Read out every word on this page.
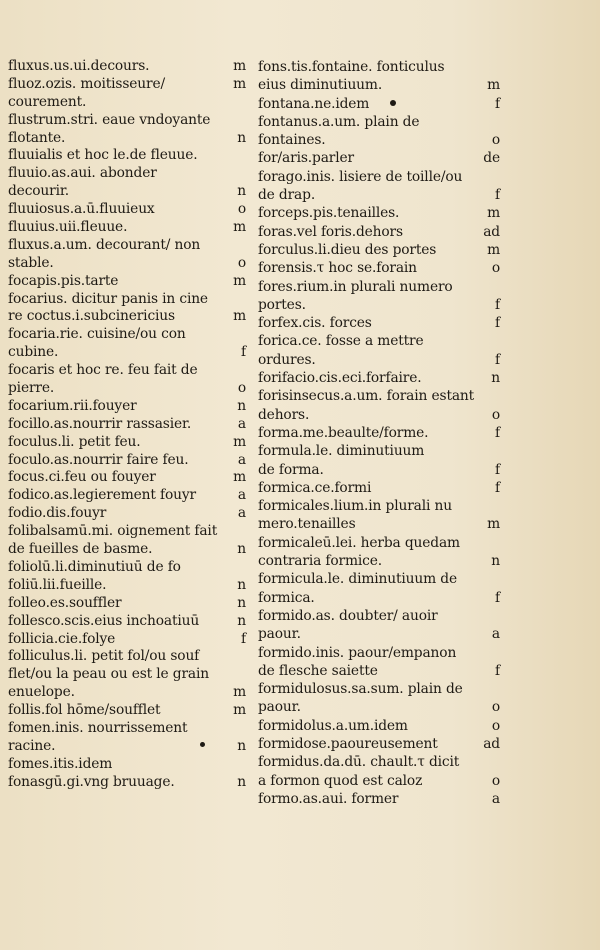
fluxus.us.ui.decours.	m
fluoz.ozis. moitisseure/	m
courement.
flustrum.stri. eaue vndoyante
flotante.	n
fluuialis et hoc le.de fleuue.
fluuio.as.aui. abonder
decourir.	n
fluuiosus.a.ū.fluuieux	o
fluuius.uii.fleuue.	m
fluxus.a.um. decourant/ non
stable.	o
focapis.pis.tarte	m
focarius. dicitur panis in cine
re coctus.i.subcinericius	m
focaria.rie. cuisine/ou con
cubine.	f
focaris et hoc re. feu fait de
pierre.	o
focarium.rii.fouyer	n
focillo.as.nourrir rassasier.	a
foculus.li. petit feu.	m
foculo.as.nourrir faire feu.	a
focus.ci.feu ou fouyer	m
fodico.as.legierement fouyr	a
fodio.dis.fouyr	a
folibalsamū.mi. oignement fait
de fueilles de basme.	n
foliolū.li.diminutiuū de fo
foliū.lii.fueille.	n
folleo.es.souffler	n
follesco.scis.eius inchoatiuū	n
follicia.cie.folye	f
folliculus.li. petit fol/ou souf
flet/ou la peau ou est le grain
enuelope.	m
follis.fol hōme/soufflet	m
fomen.inis. nourrissement
racine.	n
fomes.itis.idem
fonasgū.gi.vng bruuage.	n
fons.tis.fontaine. fonticulus
eius diminutiuum.	m
fontana.ne.idem	f
fontanus.a.um. plain de
fontaines.	o
for/aris.parler	de
forago.inis. lisiere de toille/ou
de drap.	f
forceps.pis.tenailles.	m
foras.vel foris.dehors	ad
forculus.li.dieu des portes	m
forensis.τ hoc se.forain	o
fores.rium.in plurali numero
portes.	f
forfex.cis. forces	f
forica.ce. fosse a mettre
ordures.	f
forifacio.cis.eci.forfaire.	n
forisinsecus.a.um. forain estant
dehors.	o
forma.me.beaulte/forme.	f
formula.le. diminutiuum
de forma.	f
formica.ce.formi	f
formicales.lium.in plurali nu
mero.tenailles	m
formicaleū.lei. herba quedam
contraria formice.	n
formicula.le. diminutiuum de
formica.	f
formido.as. doubter/ auoir
paour.	a
formido.inis. paour/empanon
de flesche saiette	f
formidulosus.sa.sum. plain de
paour.	o
formidolus.a.um.idem	o
formidose.paoureusement	ad
formidus.da.dū. chault.τ dicit
a formon quod est caloz	o
formo.as.aui. former	a
